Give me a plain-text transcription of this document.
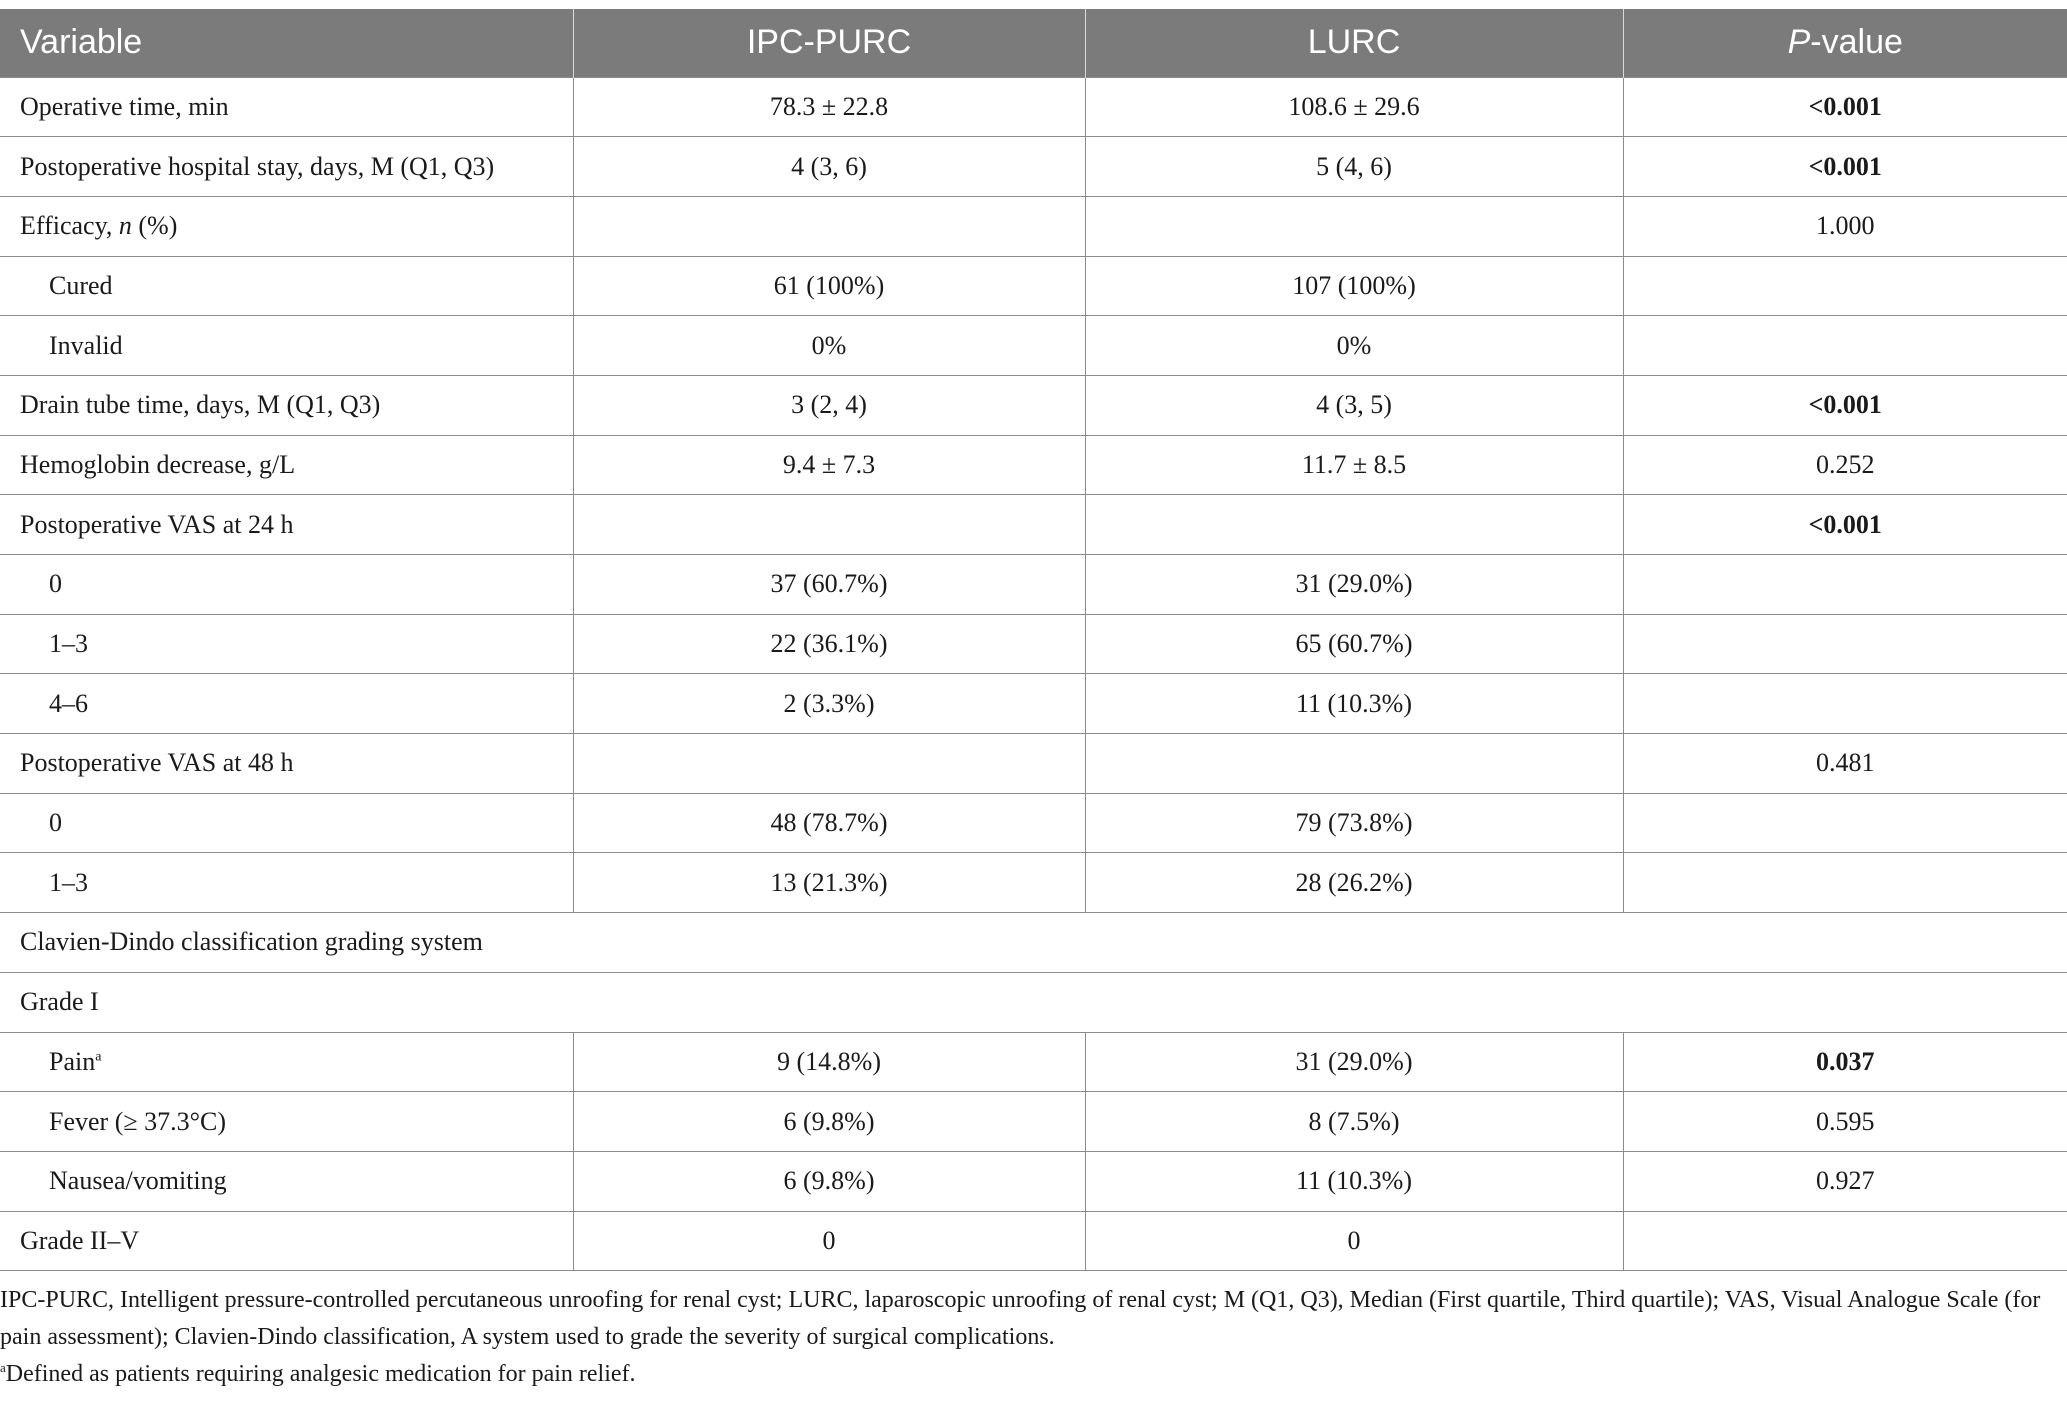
Variable	IPC-PURC	LURC	P-value
Operative time, min	78.3 ± 22.8	108.6 ± 29.6	<0.001
Postoperative hospital stay, days, M (Q1, Q3)	4 (3, 6)	5 (4, 6)	<0.001
Efficacy, n (%)			1.000
Cured	61 (100%)	107 (100%)	
Invalid	0%	0%	
Drain tube time, days, M (Q1, Q3)	3 (2, 4)	4 (3, 5)	<0.001
Hemoglobin decrease, g/L	9.4 ± 7.3	11.7 ± 8.5	0.252
Postoperative VAS at 24 h			<0.001
0	37 (60.7%)	31 (29.0%)	
1–3	22 (36.1%)	65 (60.7%)	
4–6	2 (3.3%)	11 (10.3%)	
Postoperative VAS at 48 h			0.481
0	48 (78.7%)	79 (73.8%)	
1–3	13 (21.3%)	28 (26.2%)	
Clavien-Dindo classification grading system			
Grade I			
Pain$^a$	9 (14.8%)	31 (29.0%)	0.037
Fever (≥ 37.3°C)	6 (9.8%)	8 (7.5%)	0.595
Nausea/vomiting	6 (9.8%)	11 (10.3%)	0.927
Grade II–V	0	0	

IPC-PURC, Intelligent pressure-controlled percutaneous unroofing for renal cyst; LURC, laparoscopic unroofing of renal cyst; M (Q1, Q3), Median (First quartile, Third quartile); VAS, Visual Analogue Scale (for pain assessment); Clavien-Dindo classification, A system used to grade the severity of surgical complications.

$^a$Defined as patients requiring analgesic medication for pain relief.
